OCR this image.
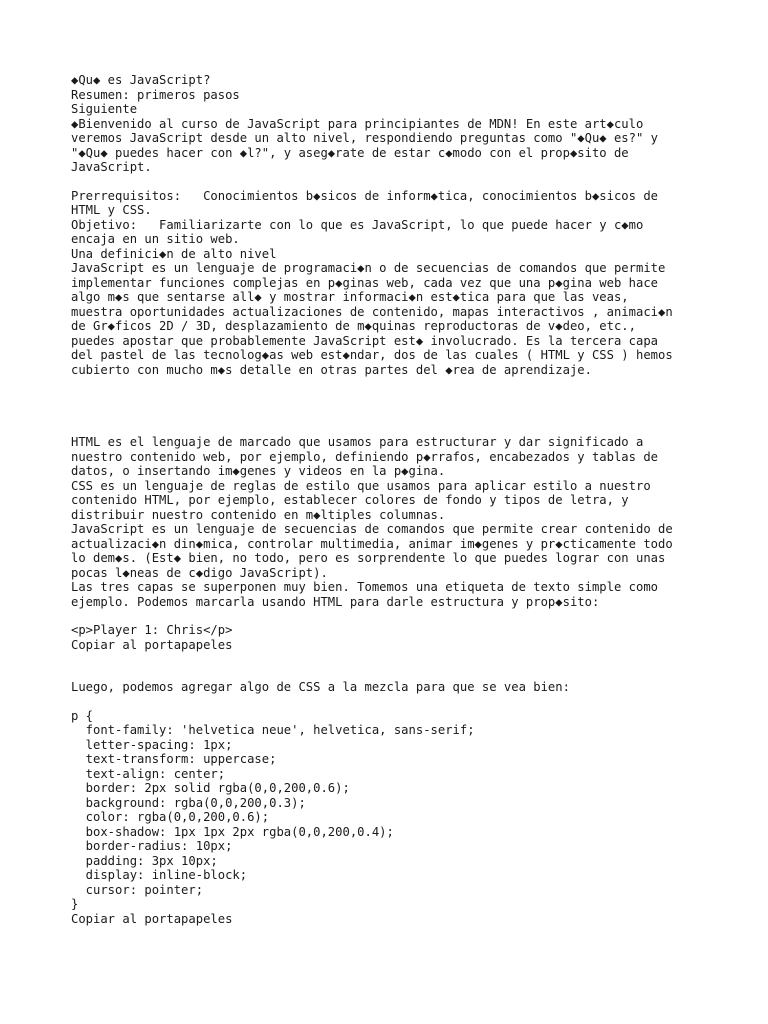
◆Qu◆ es JavaScript?
Resumen: primeros pasos
Siguiente
◆Bienvenido al curso de JavaScript para principiantes de MDN! En este art◆culo
veremos JavaScript desde un alto nivel, respondiendo preguntas como "◆Qu◆ es?" y
"◆Qu◆ puedes hacer con ◆l?", y aseg◆rate de estar c◆modo con el prop◆sito de
JavaScript.
Prerrequisitos:   Conocimientos b◆sicos de inform◆tica, conocimientos b◆sicos de
HTML y CSS.
Objetivo:   Familiarizarte con lo que es JavaScript, lo que puede hacer y c◆mo
encaja en un sitio web.
Una definici◆n de alto nivel
JavaScript es un lenguaje de programaci◆n o de secuencias de comandos que permite
implementar funciones complejas en p◆ginas web, cada vez que una p◆gina web hace
algo m◆s que sentarse all◆ y mostrar informaci◆n est◆tica para que las veas,
muestra oportunidades actualizaciones de contenido, mapas interactivos , animaci◆n
de Gr◆ficos 2D / 3D, desplazamiento de m◆quinas reproductoras de v◆deo, etc.,
puedes apostar que probablemente JavaScript est◆ involucrado. Es la tercera capa
del pastel de las tecnolog◆as web est◆ndar, dos de las cuales ( HTML y CSS ) hemos
cubierto con mucho m◆s detalle en otras partes del ◆rea de aprendizaje.
HTML es el lenguaje de marcado que usamos para estructurar y dar significado a
nuestro contenido web, por ejemplo, definiendo p◆rrafos, encabezados y tablas de
datos, o insertando im◆genes y videos en la p◆gina.
CSS es un lenguaje de reglas de estilo que usamos para aplicar estilo a nuestro
contenido HTML, por ejemplo, establecer colores de fondo y tipos de letra, y
distribuir nuestro contenido en m◆ltiples columnas.
JavaScript es un lenguaje de secuencias de comandos que permite crear contenido de
actualizaci◆n din◆mica, controlar multimedia, animar im◆genes y pr◆cticamente todo
lo dem◆s. (Est◆ bien, no todo, pero es sorprendente lo que puedes lograr con unas
pocas l◆neas de c◆digo JavaScript).
Las tres capas se superponen muy bien. Tomemos una etiqueta de texto simple como
ejemplo. Podemos marcarla usando HTML para darle estructura y prop◆sito:
<p>Player 1: Chris</p>
Copiar al portapapeles
Luego, podemos agregar algo de CSS a la mezcla para que se vea bien:
p {
font-family: 'helvetica neue', helvetica, sans-serif;
letter-spacing: 1px;
text-transform: uppercase;
text-align: center;
border: 2px solid rgba(0,0,200,0.6);
background: rgba(0,0,200,0.3);
color: rgba(0,0,200,0.6);
box-shadow: 1px 1px 2px rgba(0,0,200,0.4);
border-radius: 10px;
padding: 3px 10px;
display: inline-block;
cursor: pointer;
}
Copiar al portapapeles
